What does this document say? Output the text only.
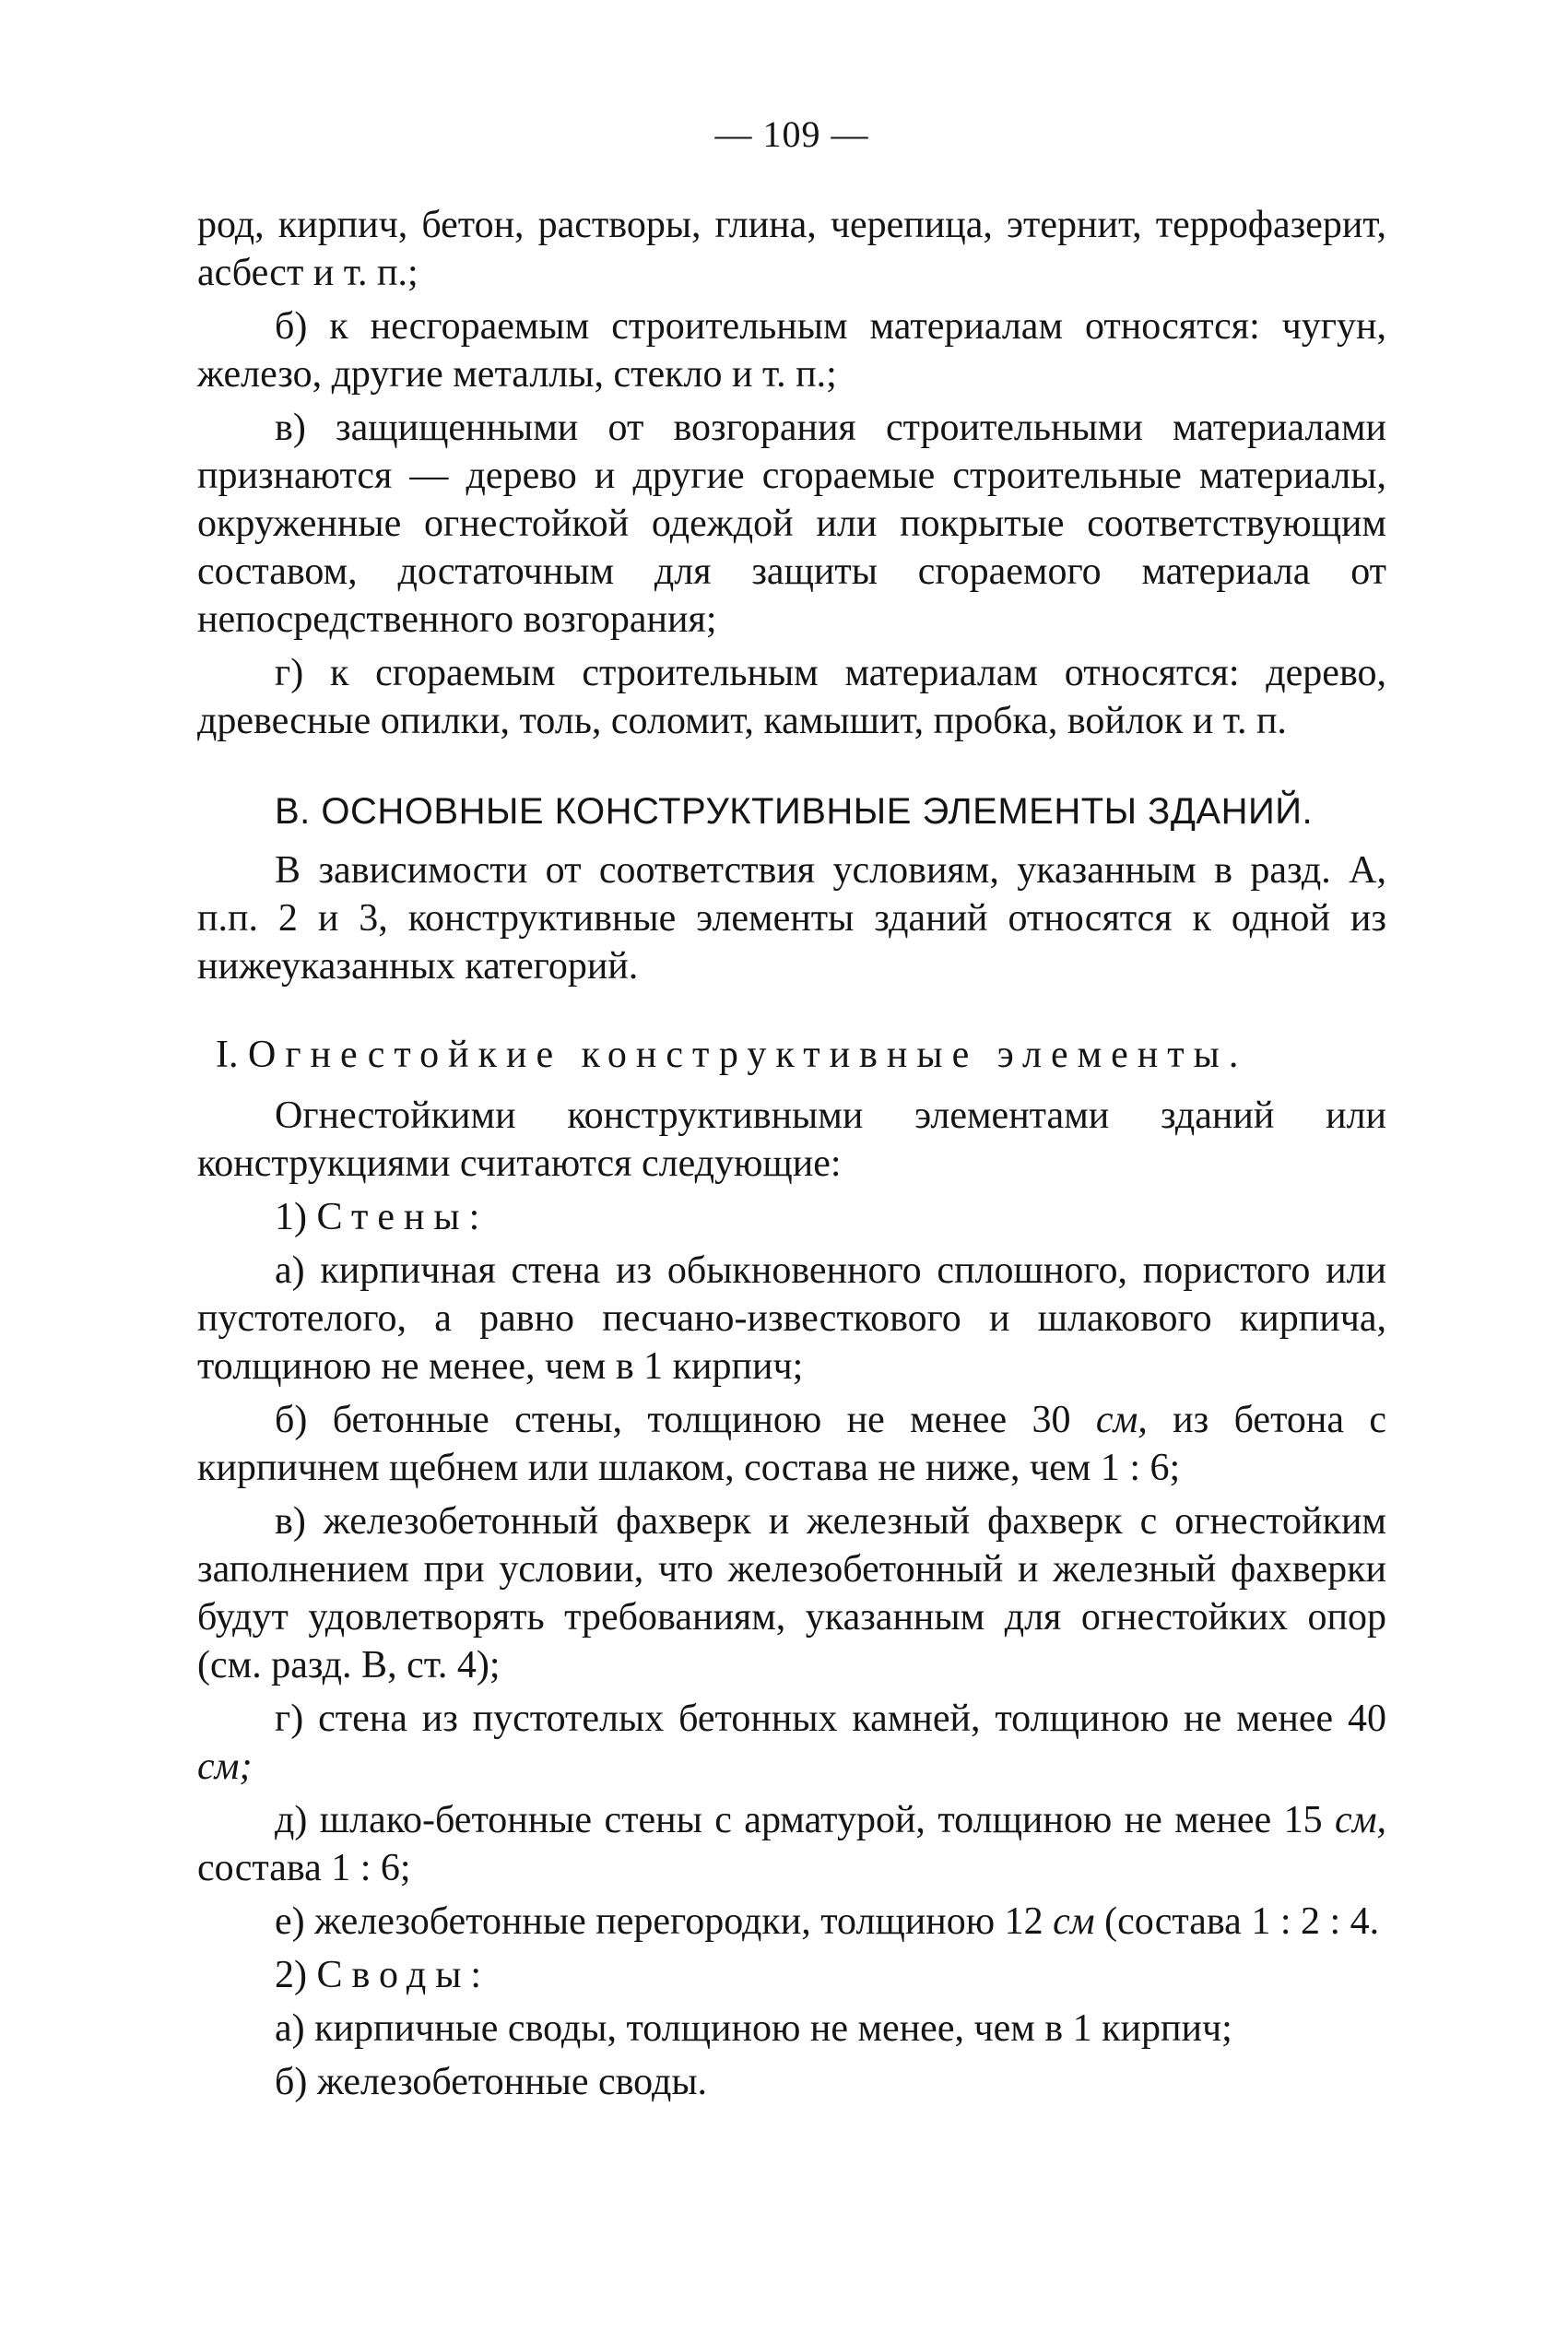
— 109 —

род, кирпич, бетон, растворы, глина, черепица, этернит, террофазерит, асбест и т. п.;

б) к несгораемым строительным материалам относятся: чугун, железо, другие металлы, стекло и т. п.;

в) защищенными от возгорания строительными материалами признаются — дерево и другие сгораемые строительные материалы, окруженные огнестойкой одеждой или покрытые соответствующим составом, достаточным для защиты сгораемого материала от непосредственного возгорания;

г) к сгораемым строительным материалам относятся: дерево, древесные опилки, толь, соломит, камышит, пробка, войлок и т. п.

В. ОСНОВНЫЕ КОНСТРУКТИВНЫЕ ЭЛЕМЕНТЫ ЗДАНИЙ.

В зависимости от соответствия условиям, указанным в разд. А, п.п. 2 и 3, конструктивные элементы зданий относятся к одной из нижеуказанных категорий.

I. Огнестойкие конструктивные элементы.

Огнестойкими конструктивными элементами зданий или конструкциями считаются следующие:

1) Стены:

а) кирпичная стена из обыкновенного сплошного, пористого или пустотелого, а равно песчано-известкового и шлакового кирпича, толщиною не менее, чем в 1 кирпич;

б) бетонные стены, толщиною не менее 30 см, из бетона с кирпичнем щебнем или шлаком, состава не ниже, чем 1 : 6;

в) железобетонный фахверк и железный фахверк с огнестойким заполнением при условии, что железобетонный и железный фахверки будут удовлетворять требованиям, указанным для огнестойких опор (см. разд. В, ст. 4);

г) стена из пустотелых бетонных камней, толщиною не менее 40 см;

д) шлако-бетонные стены с арматурой, толщиною не менее 15 см, состава 1 : 6;

е) железобетонные перегородки, толщиною 12 см (состава 1 : 2 : 4.

2) Своды:

а) кирпичные своды, толщиною не менее, чем в 1 кирпич;

б) железобетонные своды.
